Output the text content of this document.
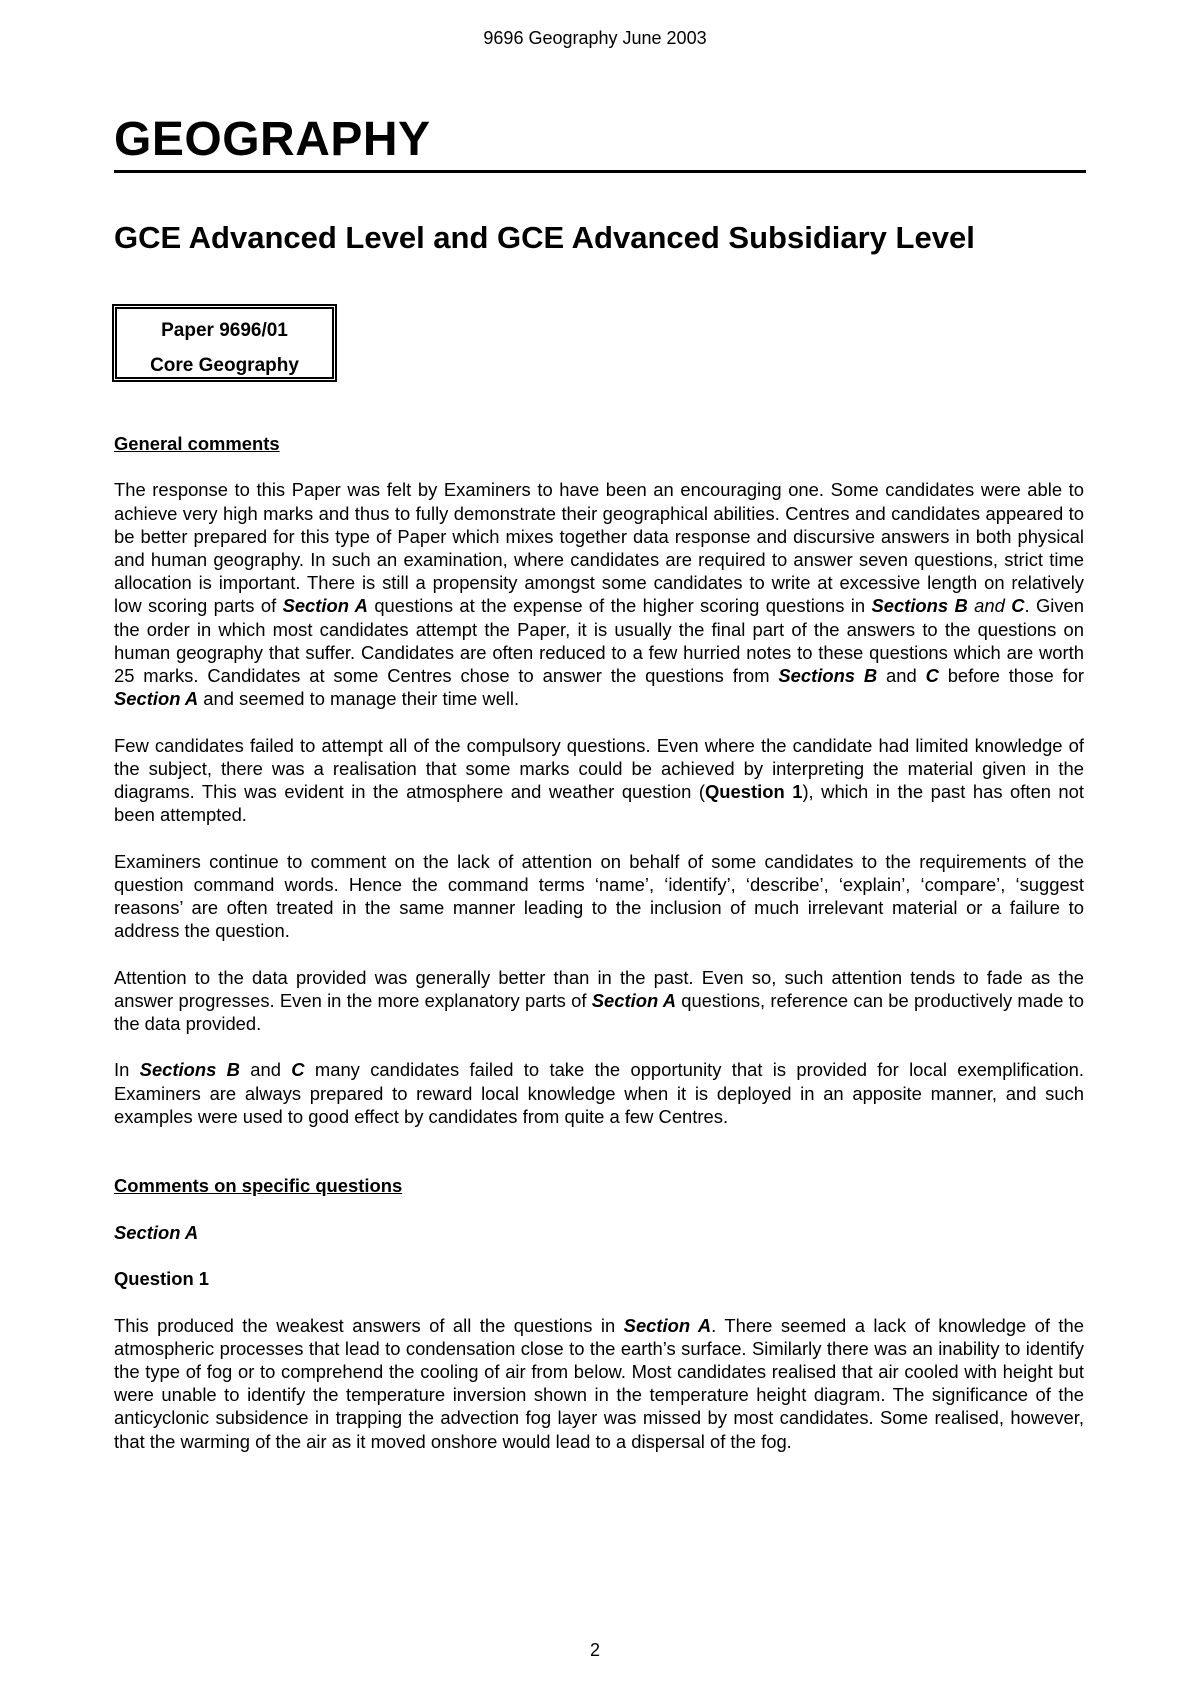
9696 Geography June 2003
GEOGRAPHY
GCE Advanced Level and GCE Advanced Subsidiary Level
Paper 9696/01
Core Geography
General comments

The response to this Paper was felt by Examiners to have been an encouraging one. Some candidates were able to achieve very high marks and thus to fully demonstrate their geographical abilities. Centres and candidates appeared to be better prepared for this type of Paper which mixes together data response and discursive answers in both physical and human geography. In such an examination, where candidates are required to answer seven questions, strict time allocation is important. There is still a propensity amongst some candidates to write at excessive length on relatively low scoring parts of Section A questions at the expense of the higher scoring questions in Sections B and C. Given the order in which most candidates attempt the Paper, it is usually the final part of the answers to the questions on human geography that suffer. Candidates are often reduced to a few hurried notes to these questions which are worth 25 marks. Candidates at some Centres chose to answer the questions from Sections B and C before those for Section A and seemed to manage their time well.

Few candidates failed to attempt all of the compulsory questions. Even where the candidate had limited knowledge of the subject, there was a realisation that some marks could be achieved by interpreting the material given in the diagrams. This was evident in the atmosphere and weather question (Question 1), which in the past has often not been attempted.

Examiners continue to comment on the lack of attention on behalf of some candidates to the requirements of the question command words. Hence the command terms ‘name’, ‘identify’, ‘describe’, ‘explain’, ‘compare’, ‘suggest reasons’ are often treated in the same manner leading to the inclusion of much irrelevant material or a failure to address the question.

Attention to the data provided was generally better than in the past. Even so, such attention tends to fade as the answer progresses. Even in the more explanatory parts of Section A questions, reference can be productively made to the data provided.

In Sections B and C many candidates failed to take the opportunity that is provided for local exemplification. Examiners are always prepared to reward local knowledge when it is deployed in an apposite manner, and such examples were used to good effect by candidates from quite a few Centres.

Comments on specific questions
Section A
Question 1

This produced the weakest answers of all the questions in Section A. There seemed a lack of knowledge of the atmospheric processes that lead to condensation close to the earth’s surface. Similarly there was an inability to identify the type of fog or to comprehend the cooling of air from below. Most candidates realised that air cooled with height but were unable to identify the temperature inversion shown in the temperature height diagram. The significance of the anticyclonic subsidence in trapping the advection fog layer was missed by most candidates. Some realised, however, that the warming of the air as it moved onshore would lead to a dispersal of the fog.

2
